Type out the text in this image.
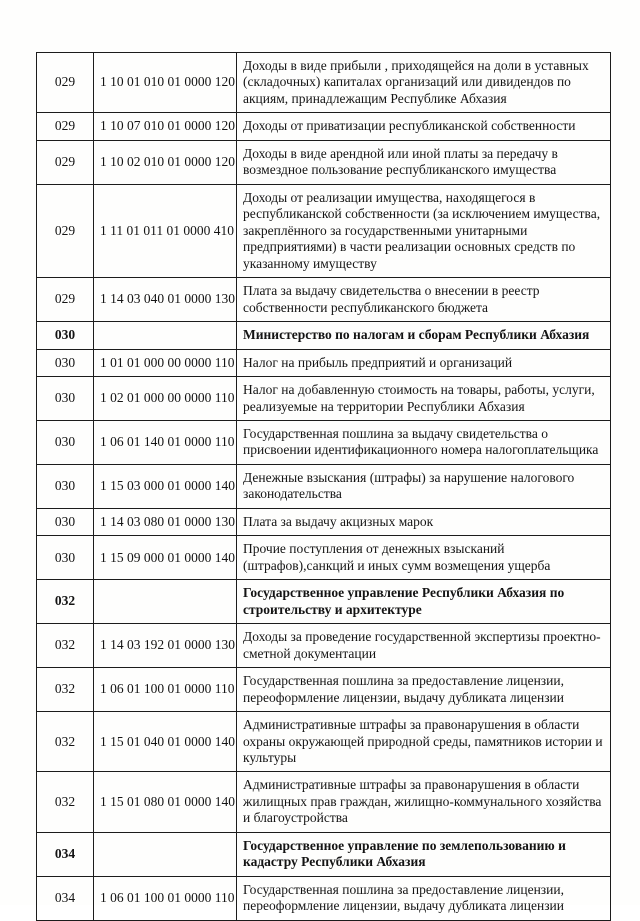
029	1 10 01 010 01 0000 120	Доходы в виде прибыли , приходящейся на доли в уставных (складочных) капиталах организаций или дивидендов по акциям, принадлежащим Республике Абхазия
029	1 10 07 010 01 0000 120	Доходы от приватизации республиканской собственности
029	1 10 02 010 01 0000 120	Доходы в виде арендной или иной платы за передачу в возмездное пользование республиканского имущества
029	1 11 01 011 01 0000 410	Доходы от реализации имущества, находящегося в республиканской собственности (за исключением имущества, закреплённого за государственными унитарными предприятиями) в части реализации основных средств по указанному имуществу
029	1 14 03 040 01 0000 130	Плата за выдачу свидетельства о внесении в реестр собственности республиканского бюджета
030		Министерство по налогам и сборам Республики Абхазия
030	1 01 01 000 00 0000 110	Налог на прибыль предприятий и организаций
030	1 02 01 000 00 0000 110	Налог на добавленную стоимость на товары, работы, услуги, реализуемые на территории Республики Абхазия
030	1 06 01 140 01 0000 110	Государственная пошлина за выдачу свидетельства о присвоении идентификационного номера налогоплательщика
030	1 15 03 000 01 0000 140	Денежные взыскания (штрафы) за нарушение налогового законодательства
030	1 14 03 080 01 0000 130	Плата за выдачу акцизных марок
030	1 15 09 000 01 0000 140	Прочие поступления от денежных взысканий (штрафов),санкций и иных сумм возмещения ущерба
032		Государственное управление Республики Абхазия по строительству и архитектуре
032	1 14 03 192 01 0000 130	Доходы за проведение государственной экспертизы проектно-сметной документации
032	1 06 01 100 01 0000 110	Государственная пошлина за предоставление лицензии, переоформление лицензии, выдачу дубликата лицензии
032	1 15 01 040 01 0000 140	Административные штрафы за правонарушения в области охраны окружающей природной среды, памятников истории и культуры
032	1 15 01 080 01 0000 140	Административные штрафы за правонарушения в области жилищных прав граждан, жилищно-коммунального хозяйства и благоустройства
034		Государственное управление по землепользованию и кадастру Республики Абхазия
034	1 06 01 100 01 0000 110	Государственная пошлина за предоставление лицензии, переоформление лицензии, выдачу дубликата лицензии
